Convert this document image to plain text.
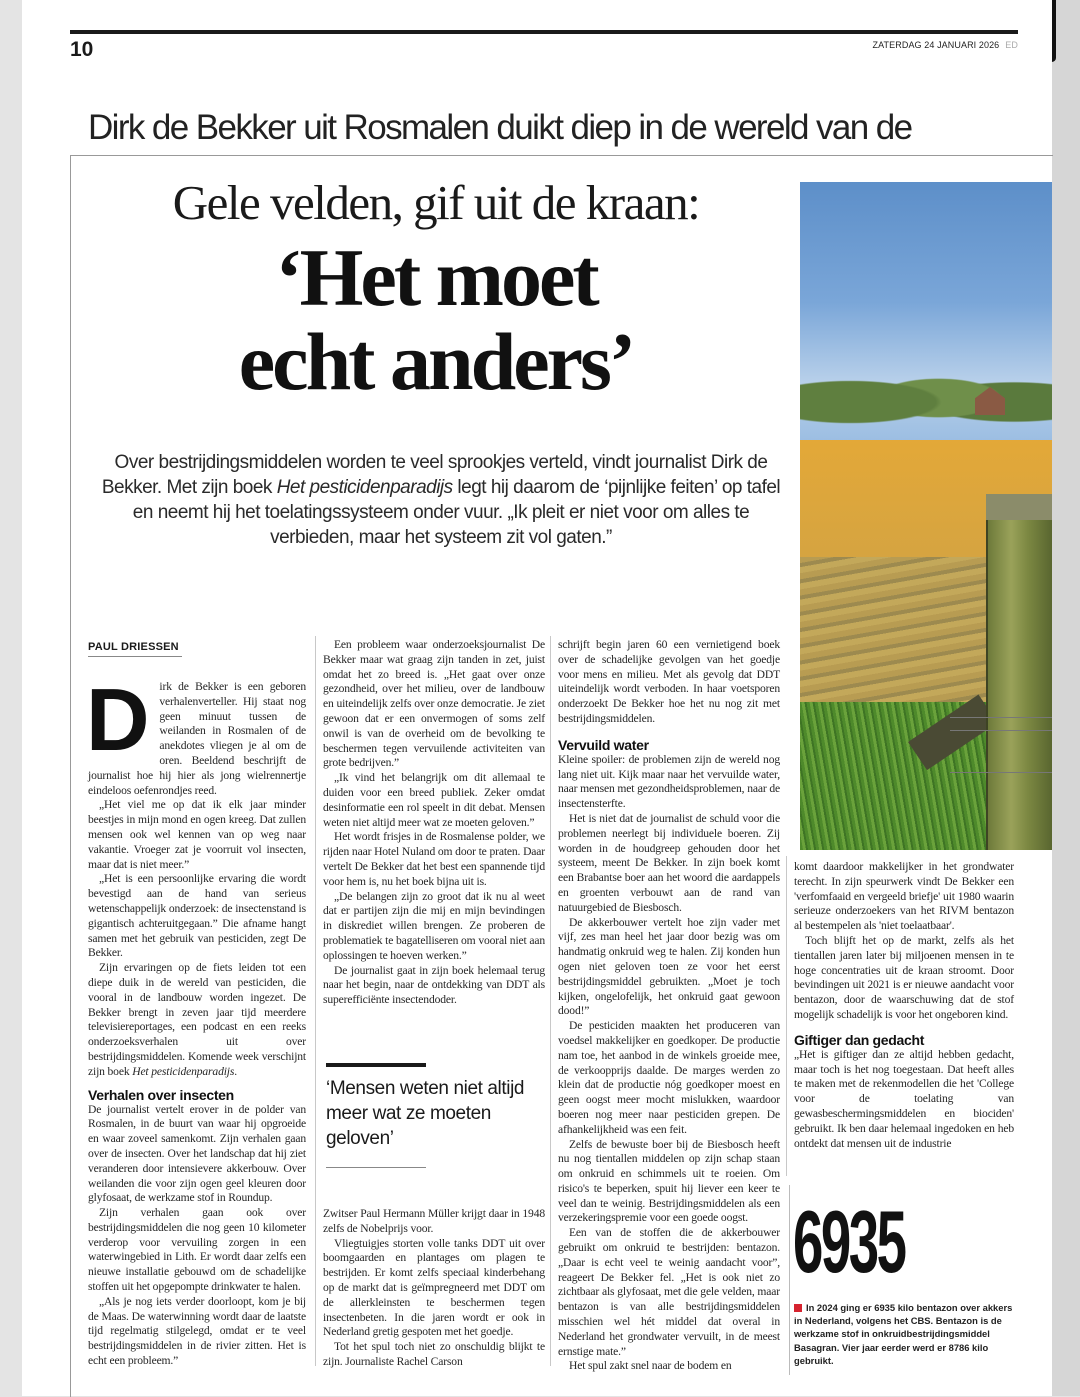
10	ZATERDAG 24 JANUARI 2026 ED
Dirk de Bekker uit Rosmalen duikt diep in de wereld van de
Gele velden, gif uit de kraan:
‘Het moet
echt anders’
Over bestrijdingsmiddelen worden te veel sprookjes verteld, vindt journalist Dirk de Bekker. Met zijn boek Het pesticidenparadijs legt hij daarom de ‘pijnlijke feiten’ op tafel en neemt hij het toelatingssysteem onder vuur. „Ik pleit er niet voor om alles te verbieden, maar het systeem zit vol gaten.”
PAUL DRIESSEN
D irk de Bekker is een geboren verhalenverteller. Hij staat nog geen minuut tussen de weilanden in Rosmalen of de anekdotes vliegen je al om de oren. Beeldend beschrijft de journalist hoe hij hier als jong wielrennertje eindeloos oefenrondjes reed.

„Het viel me op dat ik elk jaar minder beestjes in mijn mond en ogen kreeg. Dat zullen mensen ook wel kennen van op weg naar vakantie. Vroeger zat je voorruit vol insecten, maar dat is niet meer.”

„Het is een persoonlijke ervaring die wordt bevestigd aan de hand van serieus wetenschappelijk onderzoek: de insectenstand is gigantisch achteruitgegaan.” Die afname hangt samen met het gebruik van pesticiden, zegt De Bekker.

Zijn ervaringen op de fiets leiden tot een diepe duik in de wereld van pesticiden, die vooral in de landbouw worden ingezet. De Bekker brengt in zeven jaar tijd meerdere televisiereportages, een podcast en een reeks onderzoeksverhalen uit over bestrijdingsmiddelen. Komende week verschijnt zijn boek Het pesticidenparadijs.

Verhalen over insecten

De journalist vertelt erover in de polder van Rosmalen, in de buurt van waar hij opgroeide en waar zoveel samenkomt. Zijn verhalen gaan over de insecten. Over het landschap dat hij ziet veranderen door intensievere akkerbouw. Over weilanden die voor zijn ogen geel kleuren door glyfosaat, de werkzame stof in Roundup.

Zijn verhalen gaan ook over bestrijdingsmiddelen die nog geen 10 kilometer verderop voor vervuiling zorgen in een waterwingebied in Lith. Er wordt daar zelfs een nieuwe installatie gebouwd om de schadelijke stoffen uit het opgepompte drinkwater te halen.

„Als je nog iets verder doorloopt, kom je bij de Maas. De waterwinning wordt daar de laatste tijd regelmatig stilgelegd, omdat er te veel bestrijdingsmiddelen in de rivier zitten. Het is echt een probleem.”

Een probleem waar onderzoeksjournalist De Bekker maar wat graag zijn tanden in zet, juist omdat het zo breed is. „Het gaat over onze gezondheid, over het milieu, over de landbouw en uiteindelijk zelfs over onze democratie. Je ziet gewoon dat er een onvermogen of soms zelf onwil is van de overheid om de bevolking te beschermen tegen vervuilende activiteiten van grote bedrijven.”

„Ik vind het belangrijk om dit allemaal te duiden voor een breed publiek. Zeker omdat desinformatie een rol speelt in dit debat. Mensen weten niet altijd meer wat ze moeten geloven.”

Het wordt frisjes in de Rosmalense polder, we rijden naar Hotel Nuland om door te praten. Daar vertelt De Bekker dat het best een spannende tijd voor hem is, nu het boek bijna uit is.

„De belangen zijn zo groot dat ik nu al weet dat er partijen zijn die mij en mijn bevindingen in diskrediet willen brengen. Ze proberen de problematiek te bagatelliseren om vooral niet aan oplossingen te hoeven werken.”

De journalist gaat in zijn boek helemaal terug naar het begin, naar de ontdekking van DDT als superefficiënte insectendoder.

‘Mensen weten niet altijd meer wat ze moeten geloven’

Zwitser Paul Hermann Müller krijgt daar in 1948 zelfs de Nobelprijs voor.

Vliegtuigjes storten volle tanks DDT uit over boomgaarden en plantages om plagen te bestrijden. Er komt zelfs speciaal kinderbehang op de markt dat is geïmpregneerd met DDT om de allerkleinsten te beschermen tegen insectenbeten. In die jaren wordt er ook in Nederland gretig gespoten met het goedje.

Tot het spul toch niet zo onschuldig blijkt te zijn. Journaliste Rachel Carson

schrijft begin jaren 60 een vernietigend boek over de schadelijke gevolgen van het goedje voor mens en milieu. Met als gevolg dat DDT uiteindelijk wordt verboden. In haar voetsporen onderzoekt De Bekker hoe het nu nog zit met bestrijdingsmiddelen.

Vervuild water

Kleine spoiler: de problemen zijn de wereld nog lang niet uit. Kijk maar naar het vervuilde water, naar mensen met gezondheidsproblemen, naar de insectensterfte.

Het is niet dat de journalist de schuld voor die problemen neerlegt bij individuele boeren. Zij worden in de houdgreep gehouden door het systeem, meent De Bekker. In zijn boek komt een Brabantse boer aan het woord die aardappels en groenten verbouwt aan de rand van natuurgebied de Biesbosch.

De akkerbouwer vertelt hoe zijn vader met vijf, zes man heel het jaar door bezig was om handmatig onkruid weg te halen. Zij konden hun ogen niet geloven toen ze voor het eerst bestrijdingsmiddel gebruikten. „Moet je toch kijken, ongelofelijk, het onkruid gaat gewoon dood!”

De pesticiden maakten het produceren van voedsel makkelijker en goedkoper. De productie nam toe, het aanbod in de winkels groeide mee, de verkoopprijs daalde. De marges werden zo klein dat de productie nóg goedkoper moest en geen oogst meer mocht mislukken, waardoor boeren nog meer naar pesticiden grepen. De afhankelijkheid was een feit.

Zelfs de bewuste boer bij de Biesbosch heeft nu nog tientallen middelen op zijn schap staan om onkruid en schimmels uit te roeien. Om risico's te beperken, spuit hij liever een keer te veel dan te weinig. Bestrijdingsmiddelen als een verzekeringspremie voor een goede oogst.

Een van de stoffen die de akkerbouwer gebruikt om onkruid te bestrijden: bentazon. „Daar is echt veel te weinig aandacht voor”, reageert De Bekker fel. „Het is ook niet zo zichtbaar als glyfosaat, met die gele velden, maar bentazon is van alle bestrijdingsmiddelen misschien wel hét middel dat overal in Nederland het grondwater vervuilt, in de meest ernstige mate.”

Het spul zakt snel naar de bodem en

komt daardoor makkelijker in het grondwater terecht. In zijn speurwerk vindt De Bekker een 'verfomfaaid en vergeeld briefje' uit 1980 waarin serieuze onderzoekers van het RIVM bentazon al bestempelen als 'niet toelaatbaar'.

Toch blijft het op de markt, zelfs als het tientallen jaren later bij miljoenen mensen in te hoge concentraties uit de kraan stroomt. Door bevindingen uit 2021 is er nieuwe aandacht voor bentazon, door de waarschuwing dat de stof mogelijk schadelijk is voor het ongeboren kind.

Giftiger dan gedacht

„Het is giftiger dan ze altijd hebben gedacht, maar toch is het nog toegestaan. Dat heeft alles te maken met de rekenmodellen die het 'College voor de toelating van gewasbeschermingsmiddelen en biociden' gebruikt. Ik ben daar helemaal ingedoken en heb ontdekt dat mensen uit de industrie

6935
In 2024 ging er 6935 kilo bentazon over akkers in Nederland, volgens het CBS. Bentazon is de werkzame stof in onkruidbestrijdingsmiddel Basagran. Vier jaar eerder werd er 8786 kilo gebruikt.
